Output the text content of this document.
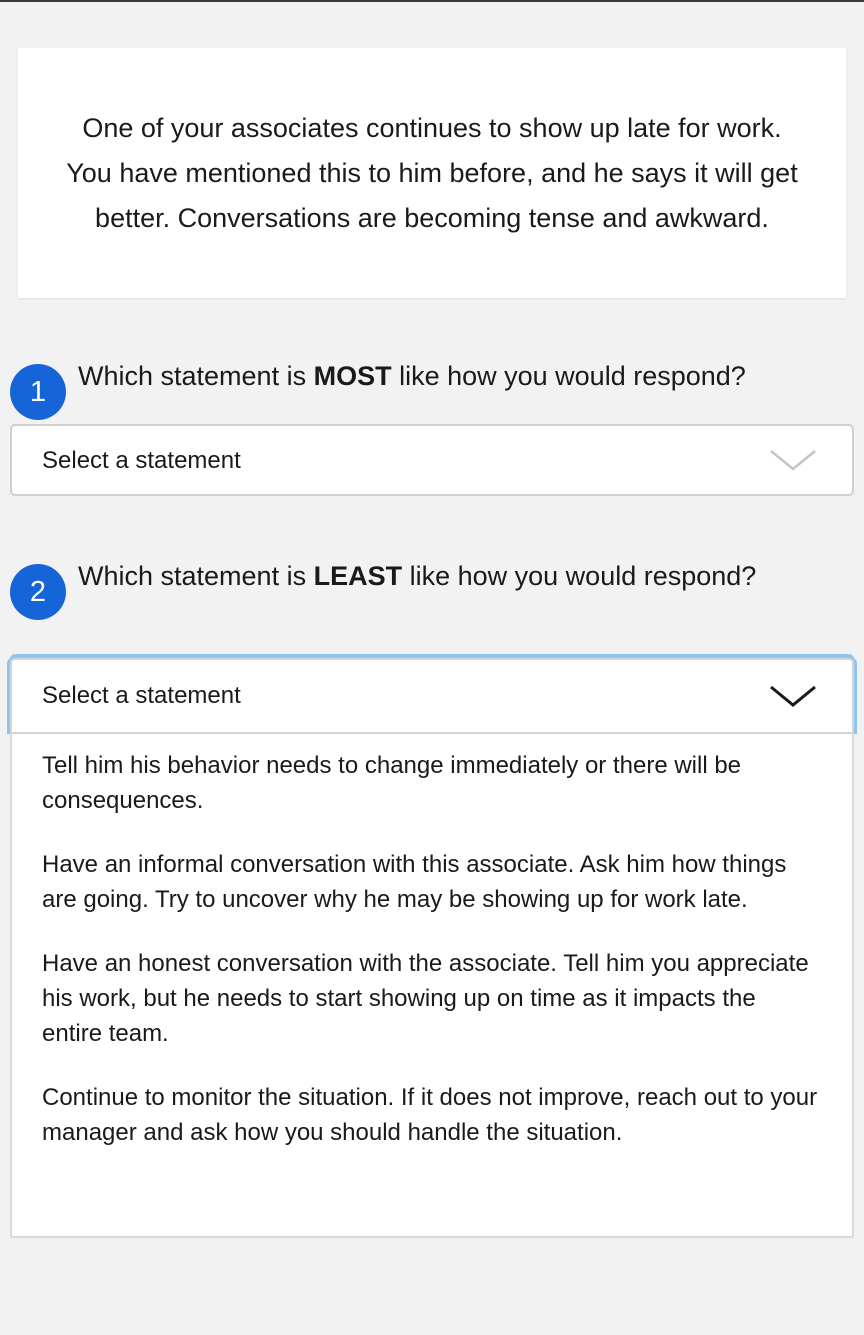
One of your associates continues to show up late for work. You have mentioned this to him before, and he says it will get better. Conversations are becoming tense and awkward.

1	Which statement is MOST like how you would respond?

Select a statement
2	Which statement is LEAST like how you would respond?

Select a statement

Tell him his behavior needs to change immediately or there will be consequences.

Have an informal conversation with this associate. Ask him how things are going. Try to uncover why he may be showing up for work late.

Have an honest conversation with the associate. Tell him you appreciate his work, but he needs to start showing up on time as it impacts the entire team.

Continue to monitor the situation. If it does not improve, reach out to your manager and ask how you should handle the situation.
